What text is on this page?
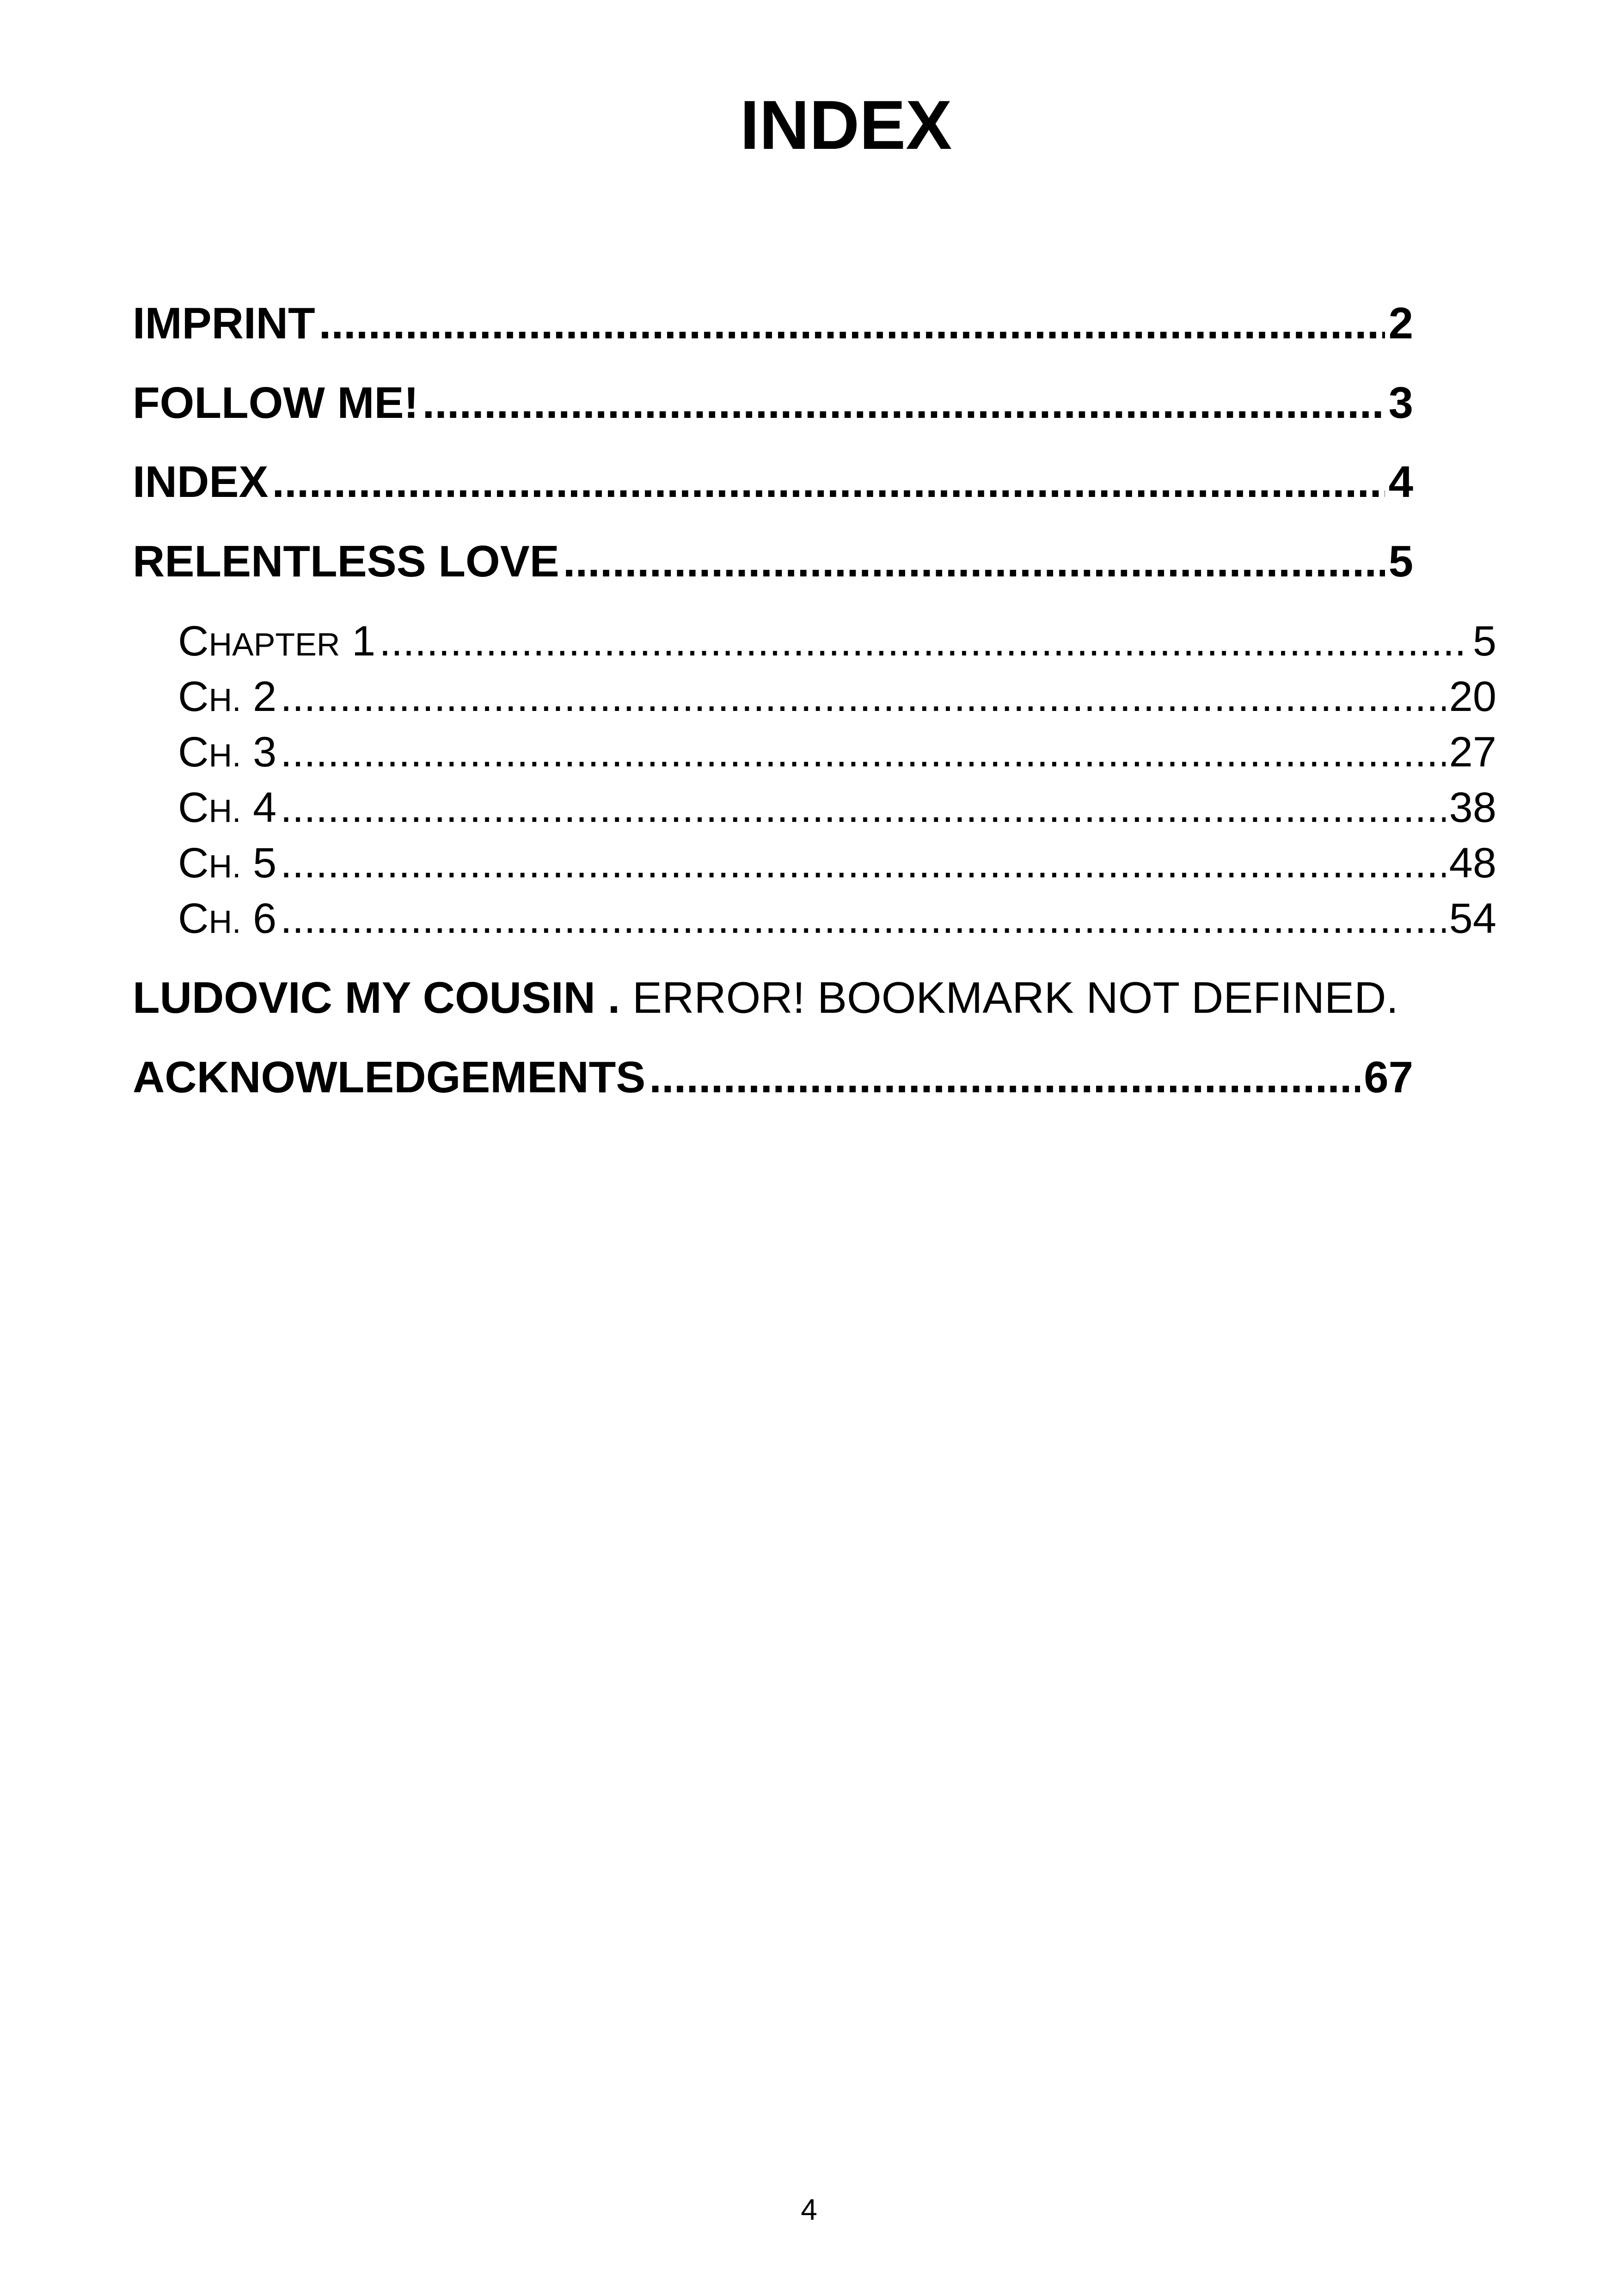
INDEX
IMPRINT .....	2
FOLLOW ME! .....	3
INDEX .....	4
RELENTLESS LOVE .....	5
CHAPTER 1 .....	5
CH. 2 .....	20
CH. 3 .....	27
CH. 4 .....	38
CH. 5 .....	48
CH. 6 .....	54
LUDOVIC MY COUSIN . ERROR! BOOKMARK NOT DEFINED.
ACKNOWLEDGEMENTS .....	67
4
